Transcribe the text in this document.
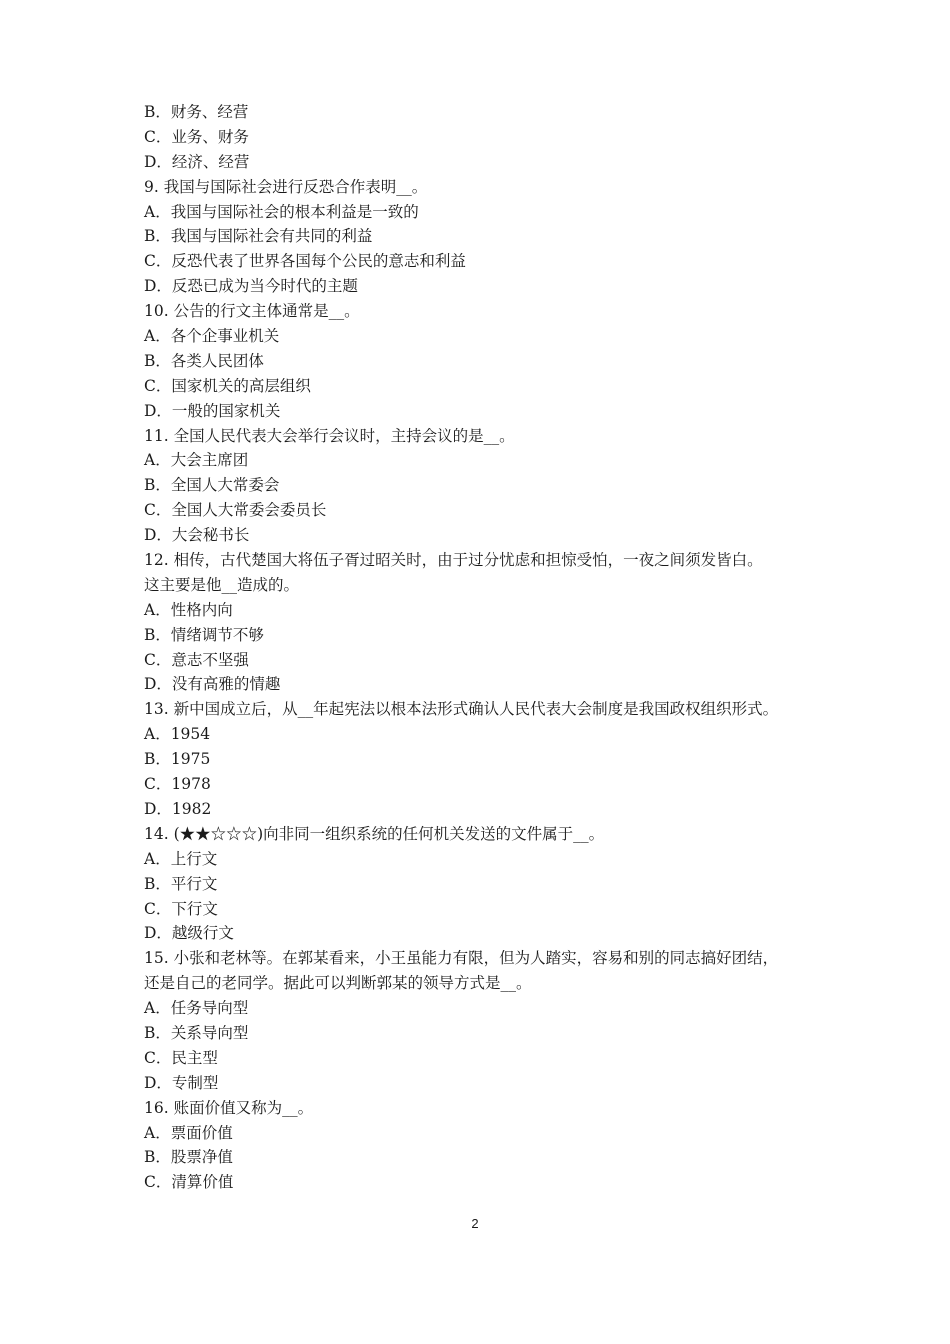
B．财务、经营
C．业务、财务
D．经济、经营
9. 我国与国际社会进行反恐合作表明__。
A．我国与国际社会的根本利益是一致的
B．我国与国际社会有共同的利益
C．反恐代表了世界各国每个公民的意志和利益
D．反恐已成为当今时代的主题
10. 公告的行文主体通常是__。
A．各个企事业机关
B．各类人民团体
C．国家机关的高层组织
D．一般的国家机关
11. 全国人民代表大会举行会议时，主持会议的是__。
A．大会主席团
B．全国人大常委会
C．全国人大常委会委员长
D．大会秘书长
12. 相传，古代楚国大将伍子胥过昭关时，由于过分忧虑和担惊受怕，一夜之间须发皆白。
这主要是他__造成的。
A．性格内向
B．情绪调节不够
C．意志不坚强
D．没有高雅的情趣
13. 新中国成立后，从__年起宪法以根本法形式确认人民代表大会制度是我国政权组织形式。
A．1954
B．1975
C．1978
D．1982
14. (★★☆☆☆)向非同一组织系统的任何机关发送的文件属于__。
A．上行文
B．平行文
C．下行文
D．越级行文
15. 小张和老林等。在郭某看来，小王虽能力有限，但为人踏实，容易和别的同志搞好团结，
还是自己的老同学。据此可以判断郭某的领导方式是__。
A．任务导向型
B．关系导向型
C．民主型
D．专制型
16. 账面价值又称为__。
A．票面价值
B．股票净值
C．清算价值
2
